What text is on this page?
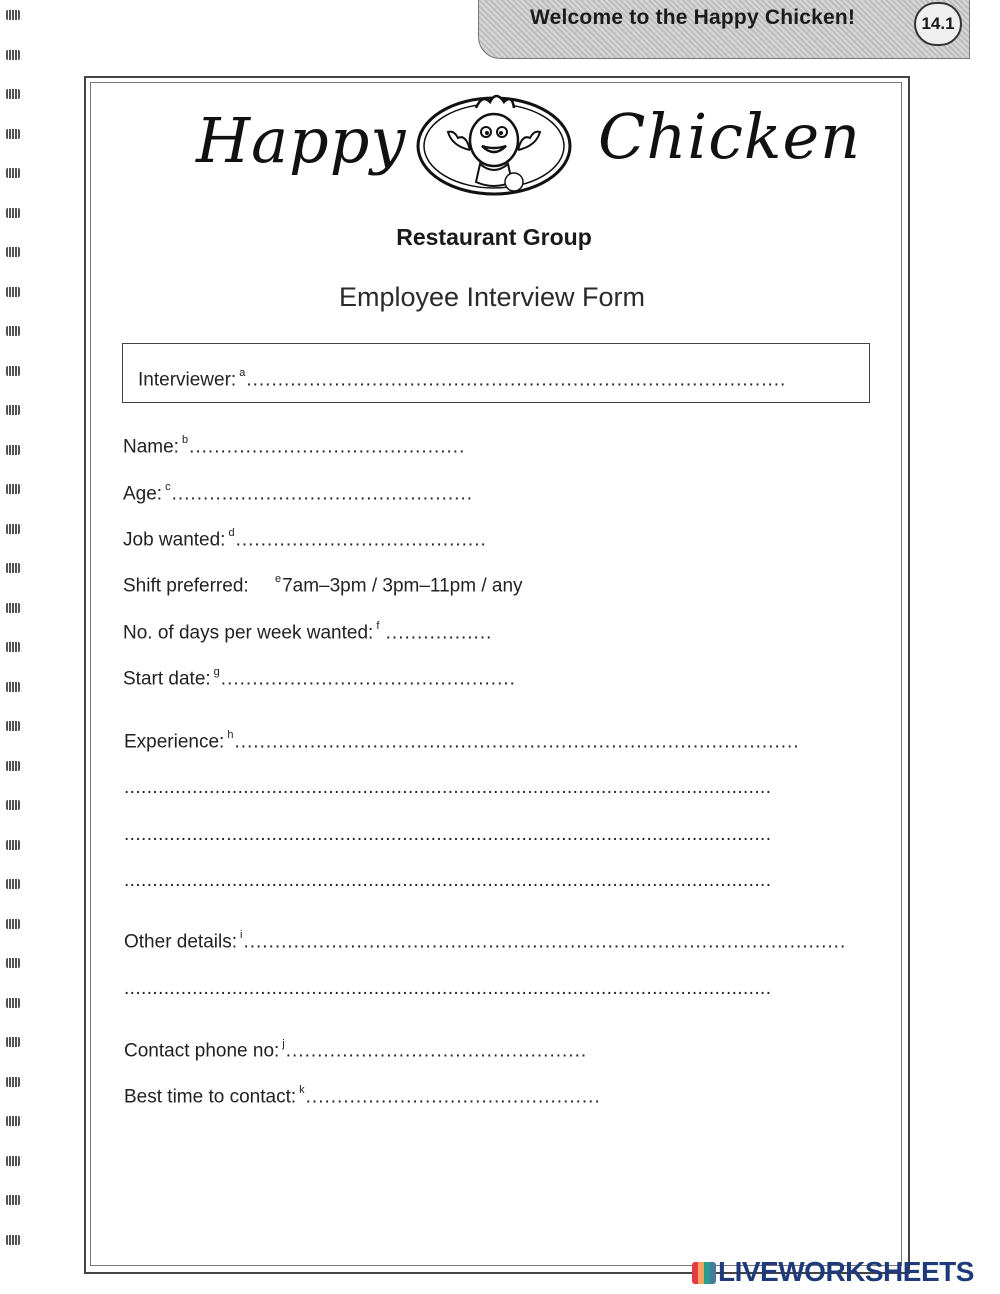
Welcome to the Happy Chicken!	14.1
Happy	Chicken
Restaurant Group
Employee Interview Form
Interviewer: $^a$......................................................................................
Name: $^b$............................................
Age: $^c$................................................
Job wanted: $^d$........................................
Shift preferred: $^e$7am–3pm / 3pm–11pm / any
No. of days per week wanted: $^f$ .................
Start date: $^g$...............................................
Experience: $^h$..........................................................................................
..................................................................................................................
..................................................................................................................
..................................................................................................................
Other details: $^i$................................................................................................
..................................................................................................................
Contact phone no: $^j$................................................
Best time to contact: $^k$...............................................
LIVEWORKSHEETS
